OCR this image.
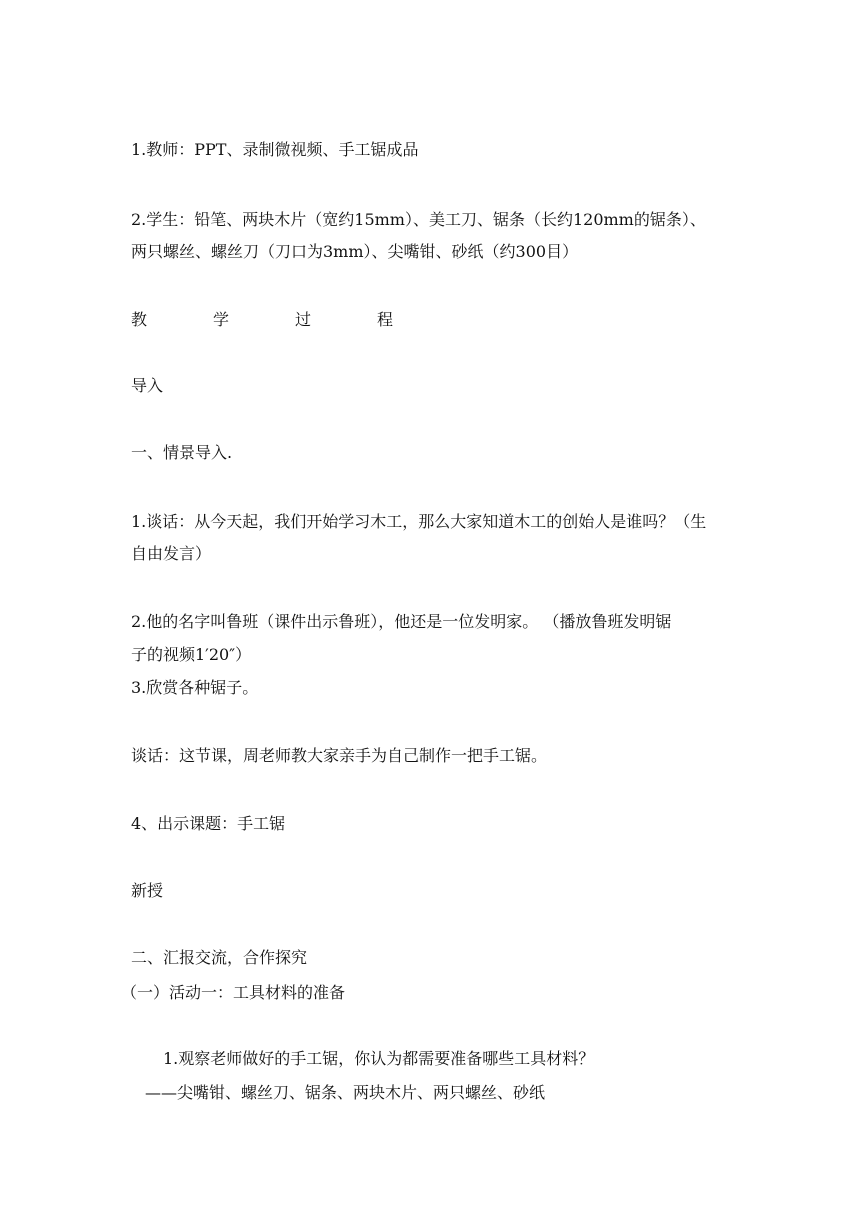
1.教师：PPT、录制微视频、手工锯成品
2.学生：铅笔、两块木片（宽约15mm）、美工刀、锯条（长约120mm的锯条）、
两只螺丝、螺丝刀（刀口为3mm）、尖嘴钳、砂纸（约300目）
教	学	过	程
导入
一、情景导入.
1.谈话：从今天起，我们开始学习木工，那么大家知道木工的创始人是谁吗？（生
自由发言）
2.他的名字叫鲁班（课件出示鲁班），他还是一位发明家。 （播放鲁班发明锯
子的视频1′20″）
3.欣赏各种锯子。
谈话：这节课，周老师教大家亲手为自己制作一把手工锯。
4、出示课题：手工锯
新授
二、汇报交流，合作探究
（一）活动一：工具材料的准备
1.观察老师做好的手工锯，你认为都需要准备哪些工具材料？
——尖嘴钳、螺丝刀、锯条、两块木片、两只螺丝、砂纸
